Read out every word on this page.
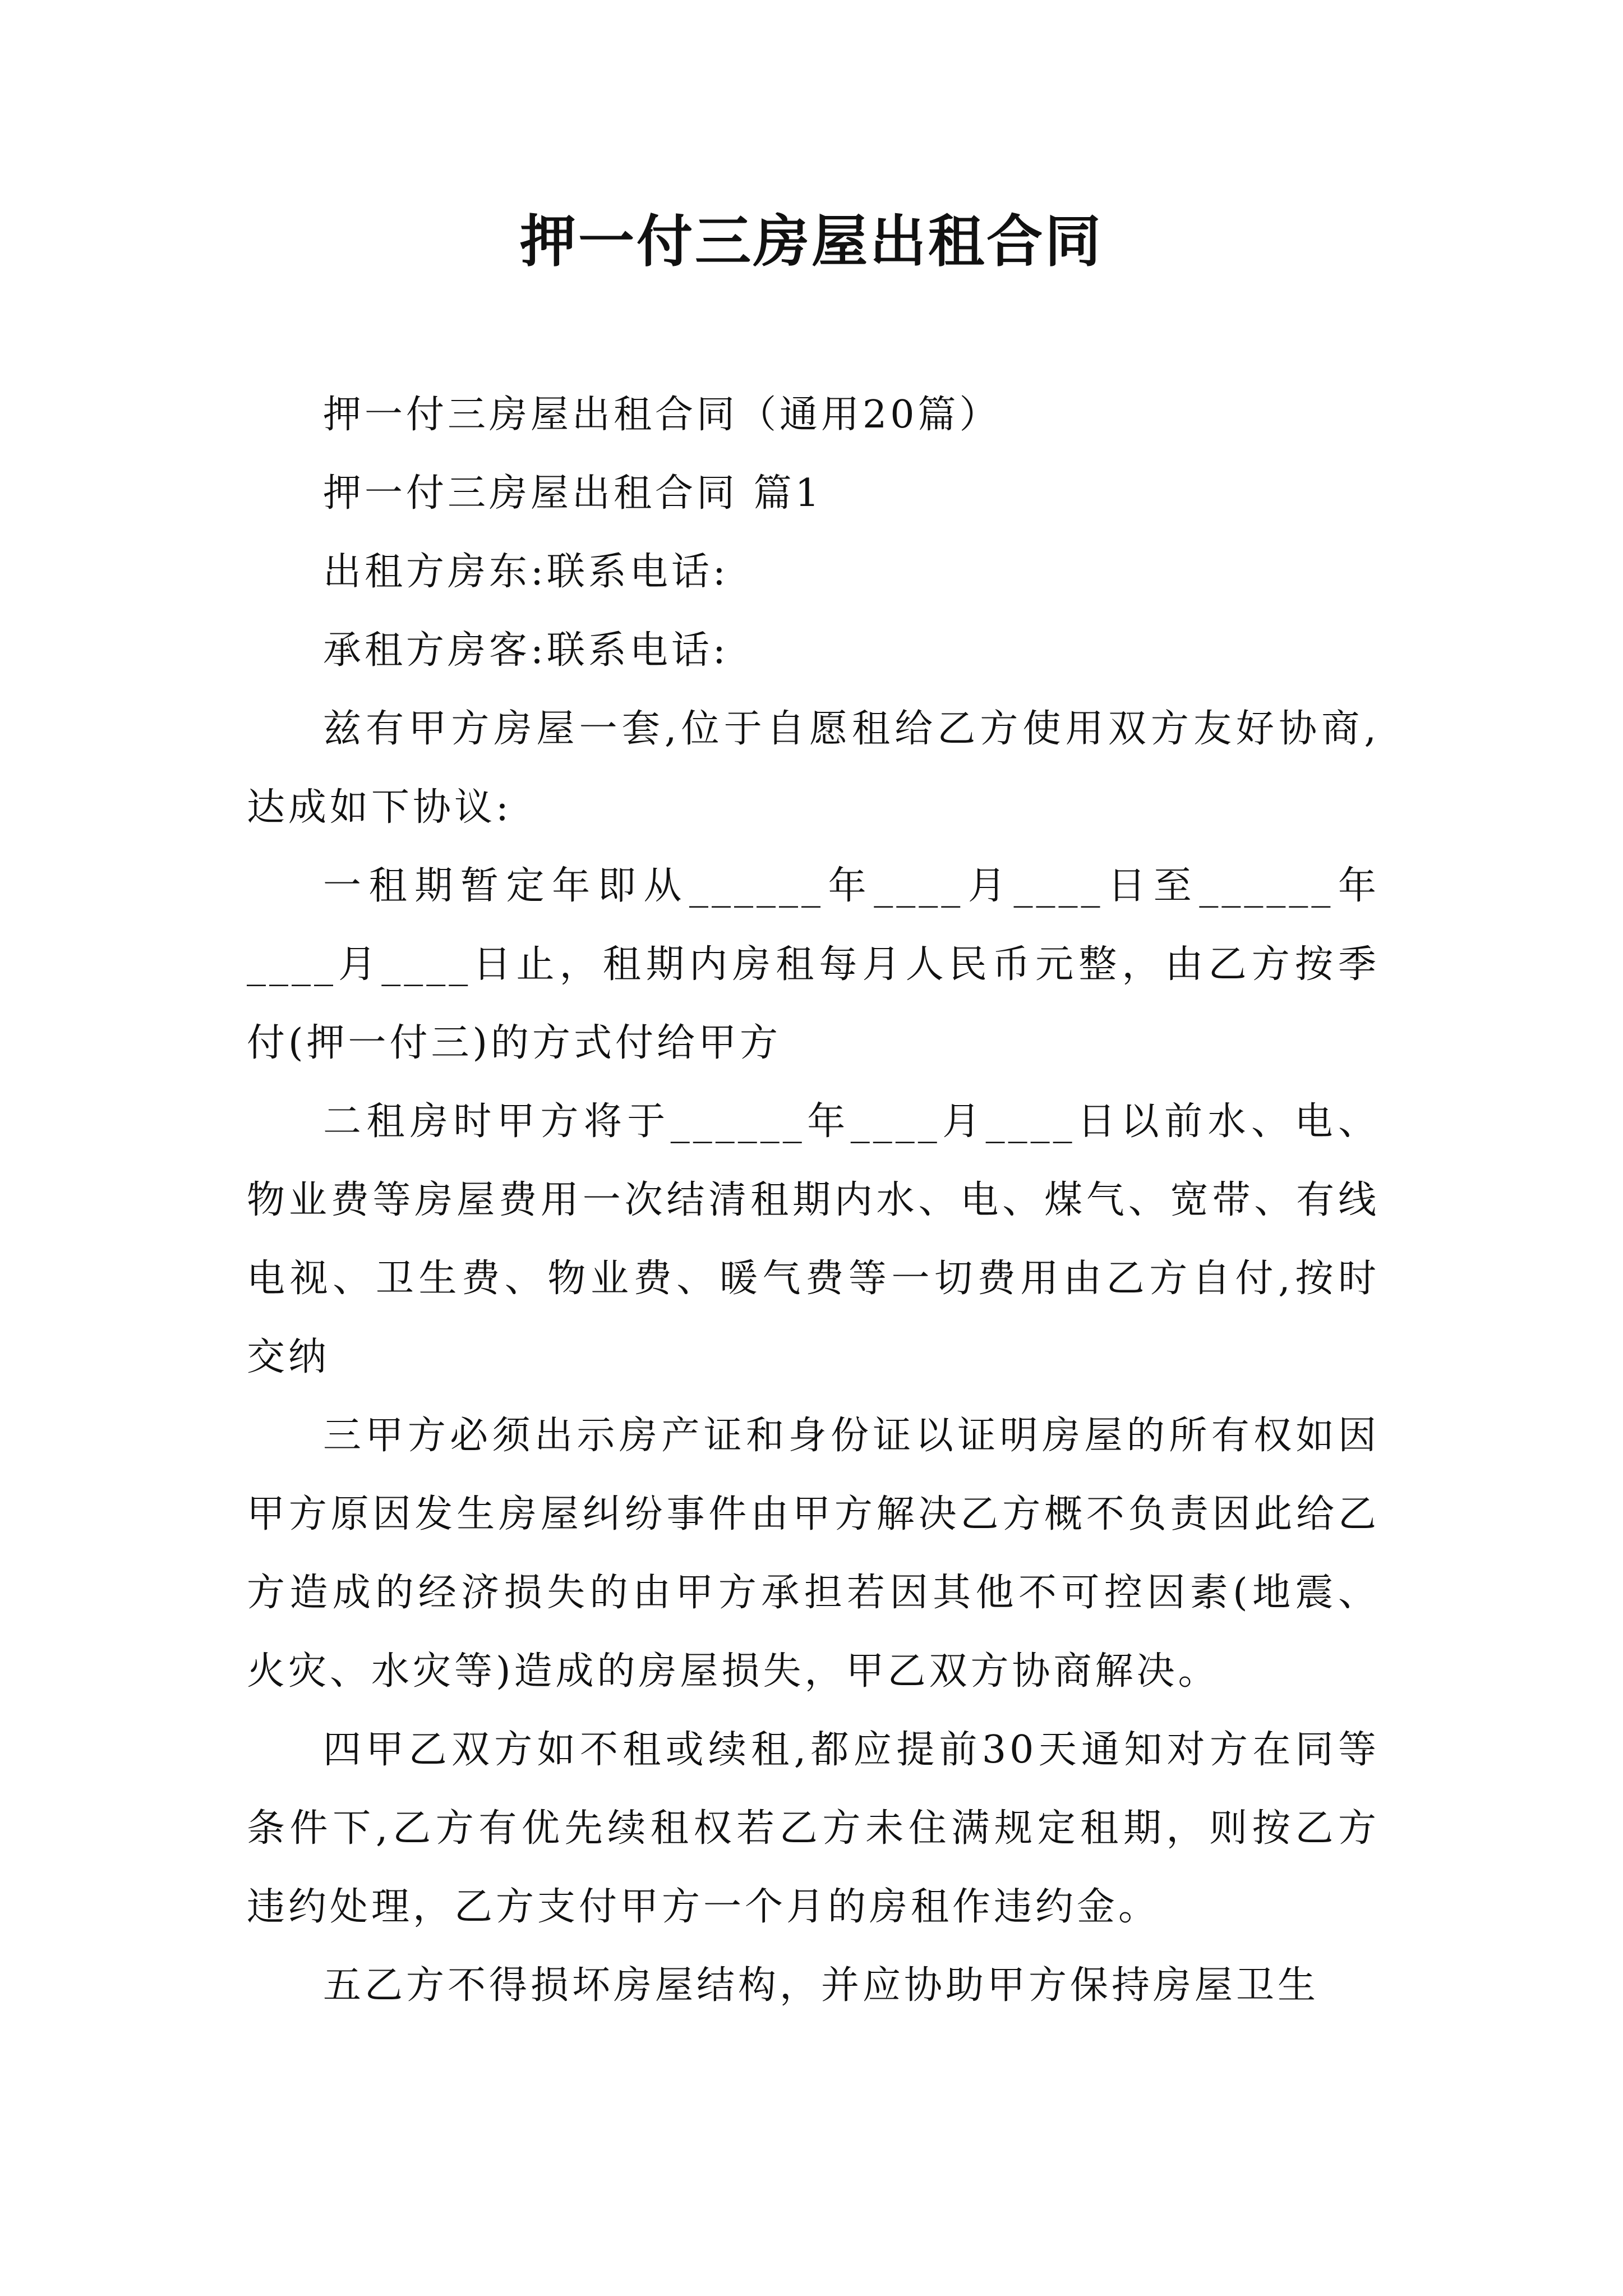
押一付三房屋出租合同

押一付三房屋出租合同（通用20篇）

押一付三房屋出租合同 篇1

出租方房东:联系电话:

承租方房客:联系电话:

兹有甲方房屋一套,位于自愿租给乙方使用双方友好协商,达成如下协议:

一租期暂定年即从______年____月____日至______年____月____日止，租期内房租每月人民币元整，由乙方按季付(押一付三)的方式付给甲方

二租房时甲方将于______年____月____日以前水、电、物业费等房屋费用一次结清租期内水、电、煤气、宽带、有线电视、卫生费、物业费、暖气费等一切费用由乙方自付,按时交纳

三甲方必须出示房产证和身份证以证明房屋的所有权如因甲方原因发生房屋纠纷事件由甲方解决乙方概不负责因此给乙方造成的经济损失的由甲方承担若因其他不可控因素(地震、火灾、水灾等)造成的房屋损失，甲乙双方协商解决。

四甲乙双方如不租或续租,都应提前30天通知对方在同等条件下,乙方有优先续租权若乙方未住满规定租期，则按乙方违约处理，乙方支付甲方一个月的房租作违约金。

五乙方不得损坏房屋结构，并应协助甲方保持房屋卫生
